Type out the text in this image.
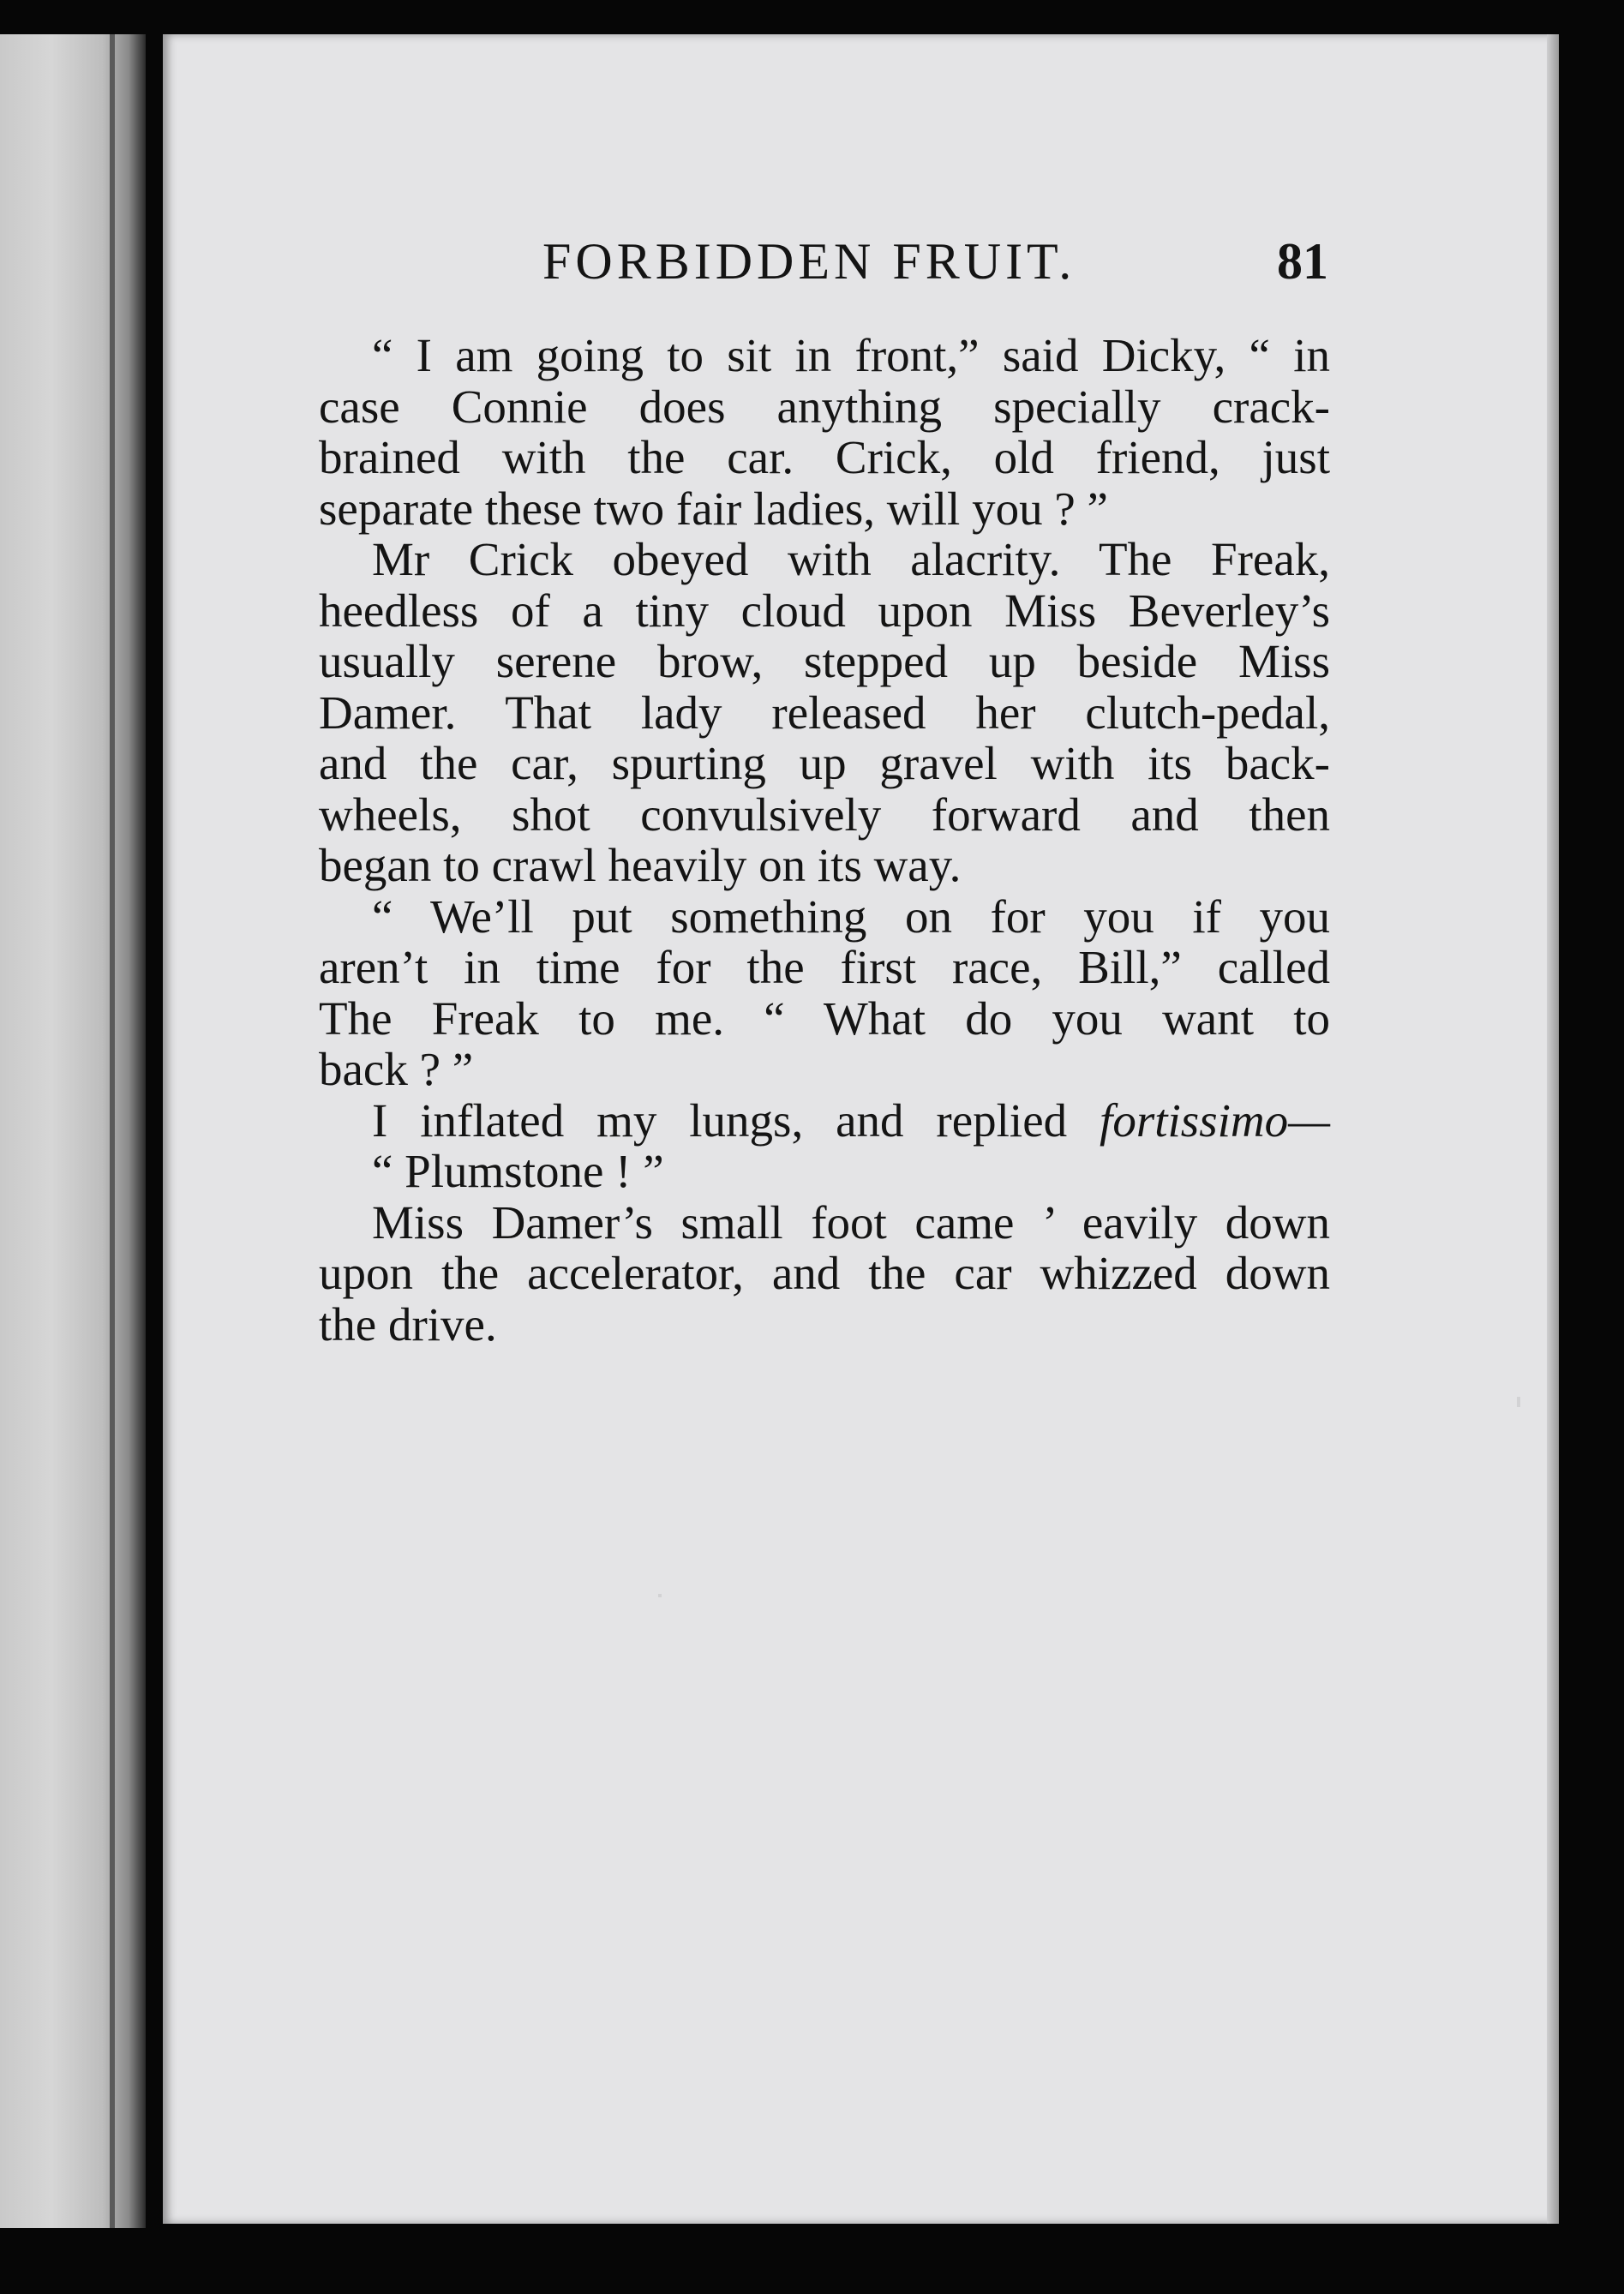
FORBIDDEN FRUIT.	81
“ I am going to sit in front,” said Dicky, “ in
case Connie does anything specially crack-
brained with the car. Crick, old friend, just
separate these two fair ladies, will you ? ”
Mr Crick obeyed with alacrity. The Freak,
heedless of a tiny cloud upon Miss Beverley’s
usually serene brow, stepped up beside Miss
Damer. That lady released her clutch-pedal,
and the car, spurting up gravel with its back-
wheels, shot convulsively forward and then
began to crawl heavily on its way.
“ We’ll put something on for you if you
aren’t in time for the first race, Bill,” called
The Freak to me. “ What do you want to
back ? ”
I inflated my lungs, and replied fortissimo—
“ Plumstone ! ”
Miss Damer’s small foot came ’ eavily down
upon the accelerator, and the car whizzed down
the drive.
